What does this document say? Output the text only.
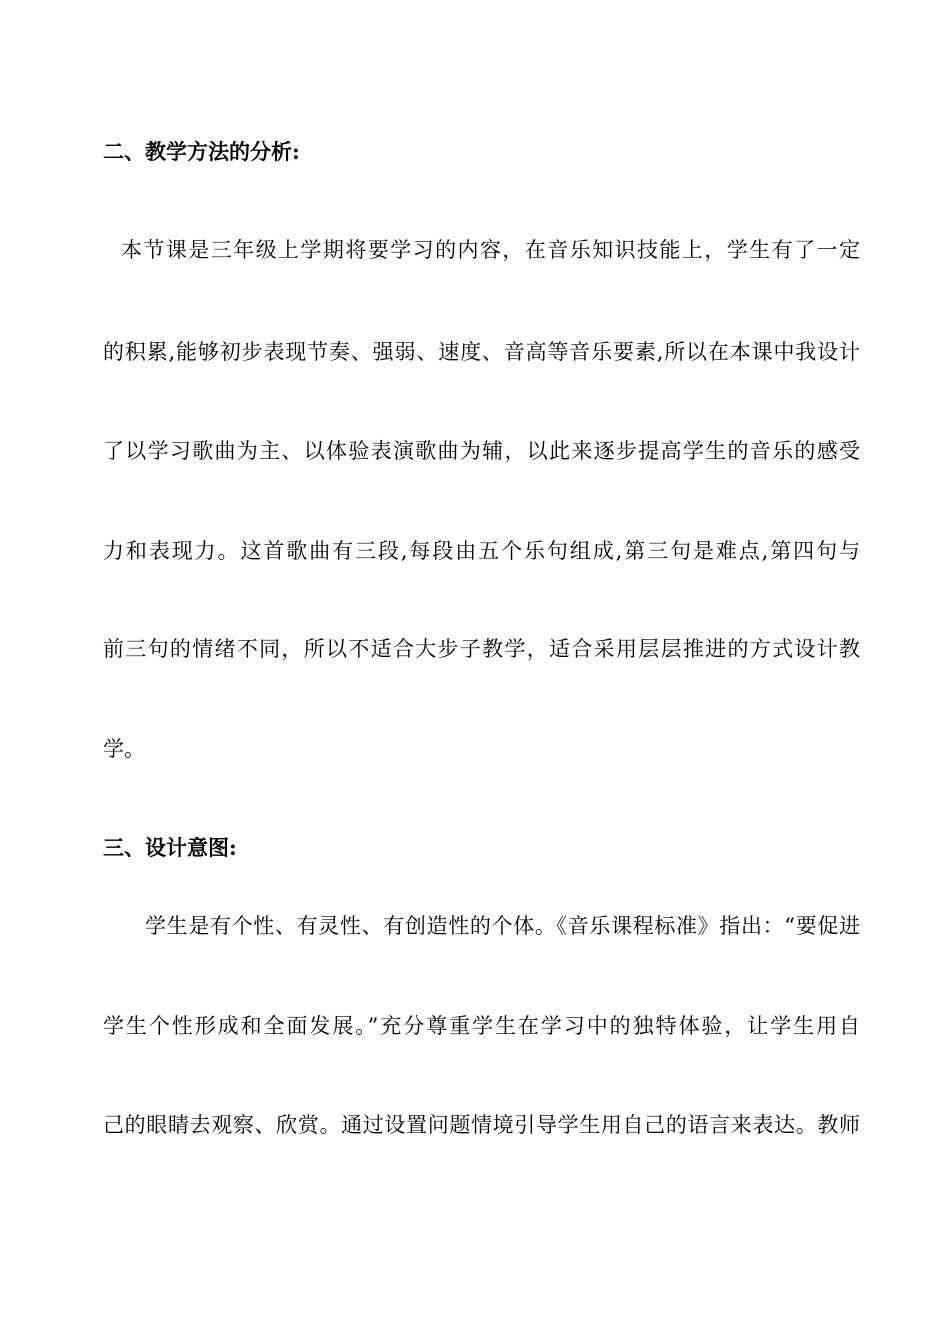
二、教学方法的分析:
本节课是三年级上学期将要学习的内容，在音乐知识技能上，学生有了一定
的积累,能够初步表现节奏、强弱、速度、音高等音乐要素,所以在本课中我设计
了以学习歌曲为主、以体验表演歌曲为辅，以此来逐步提高学生的音乐的感受
力和表现力。这首歌曲有三段,每段由五个乐句组成,第三句是难点,第四句与
前三句的情绪不同，所以不适合大步子教学，适合采用层层推进的方式设计教
学。
三、设计意图:
学生是有个性、有灵性、有创造性的个体。《音乐课程标准》指出：“要促进
学生个性形成和全面发展。”充分尊重学生在学习中的独特体验，让学生用自
己的眼睛去观察、欣赏。通过设置问题情境引导学生用自己的语言来表达。教师
